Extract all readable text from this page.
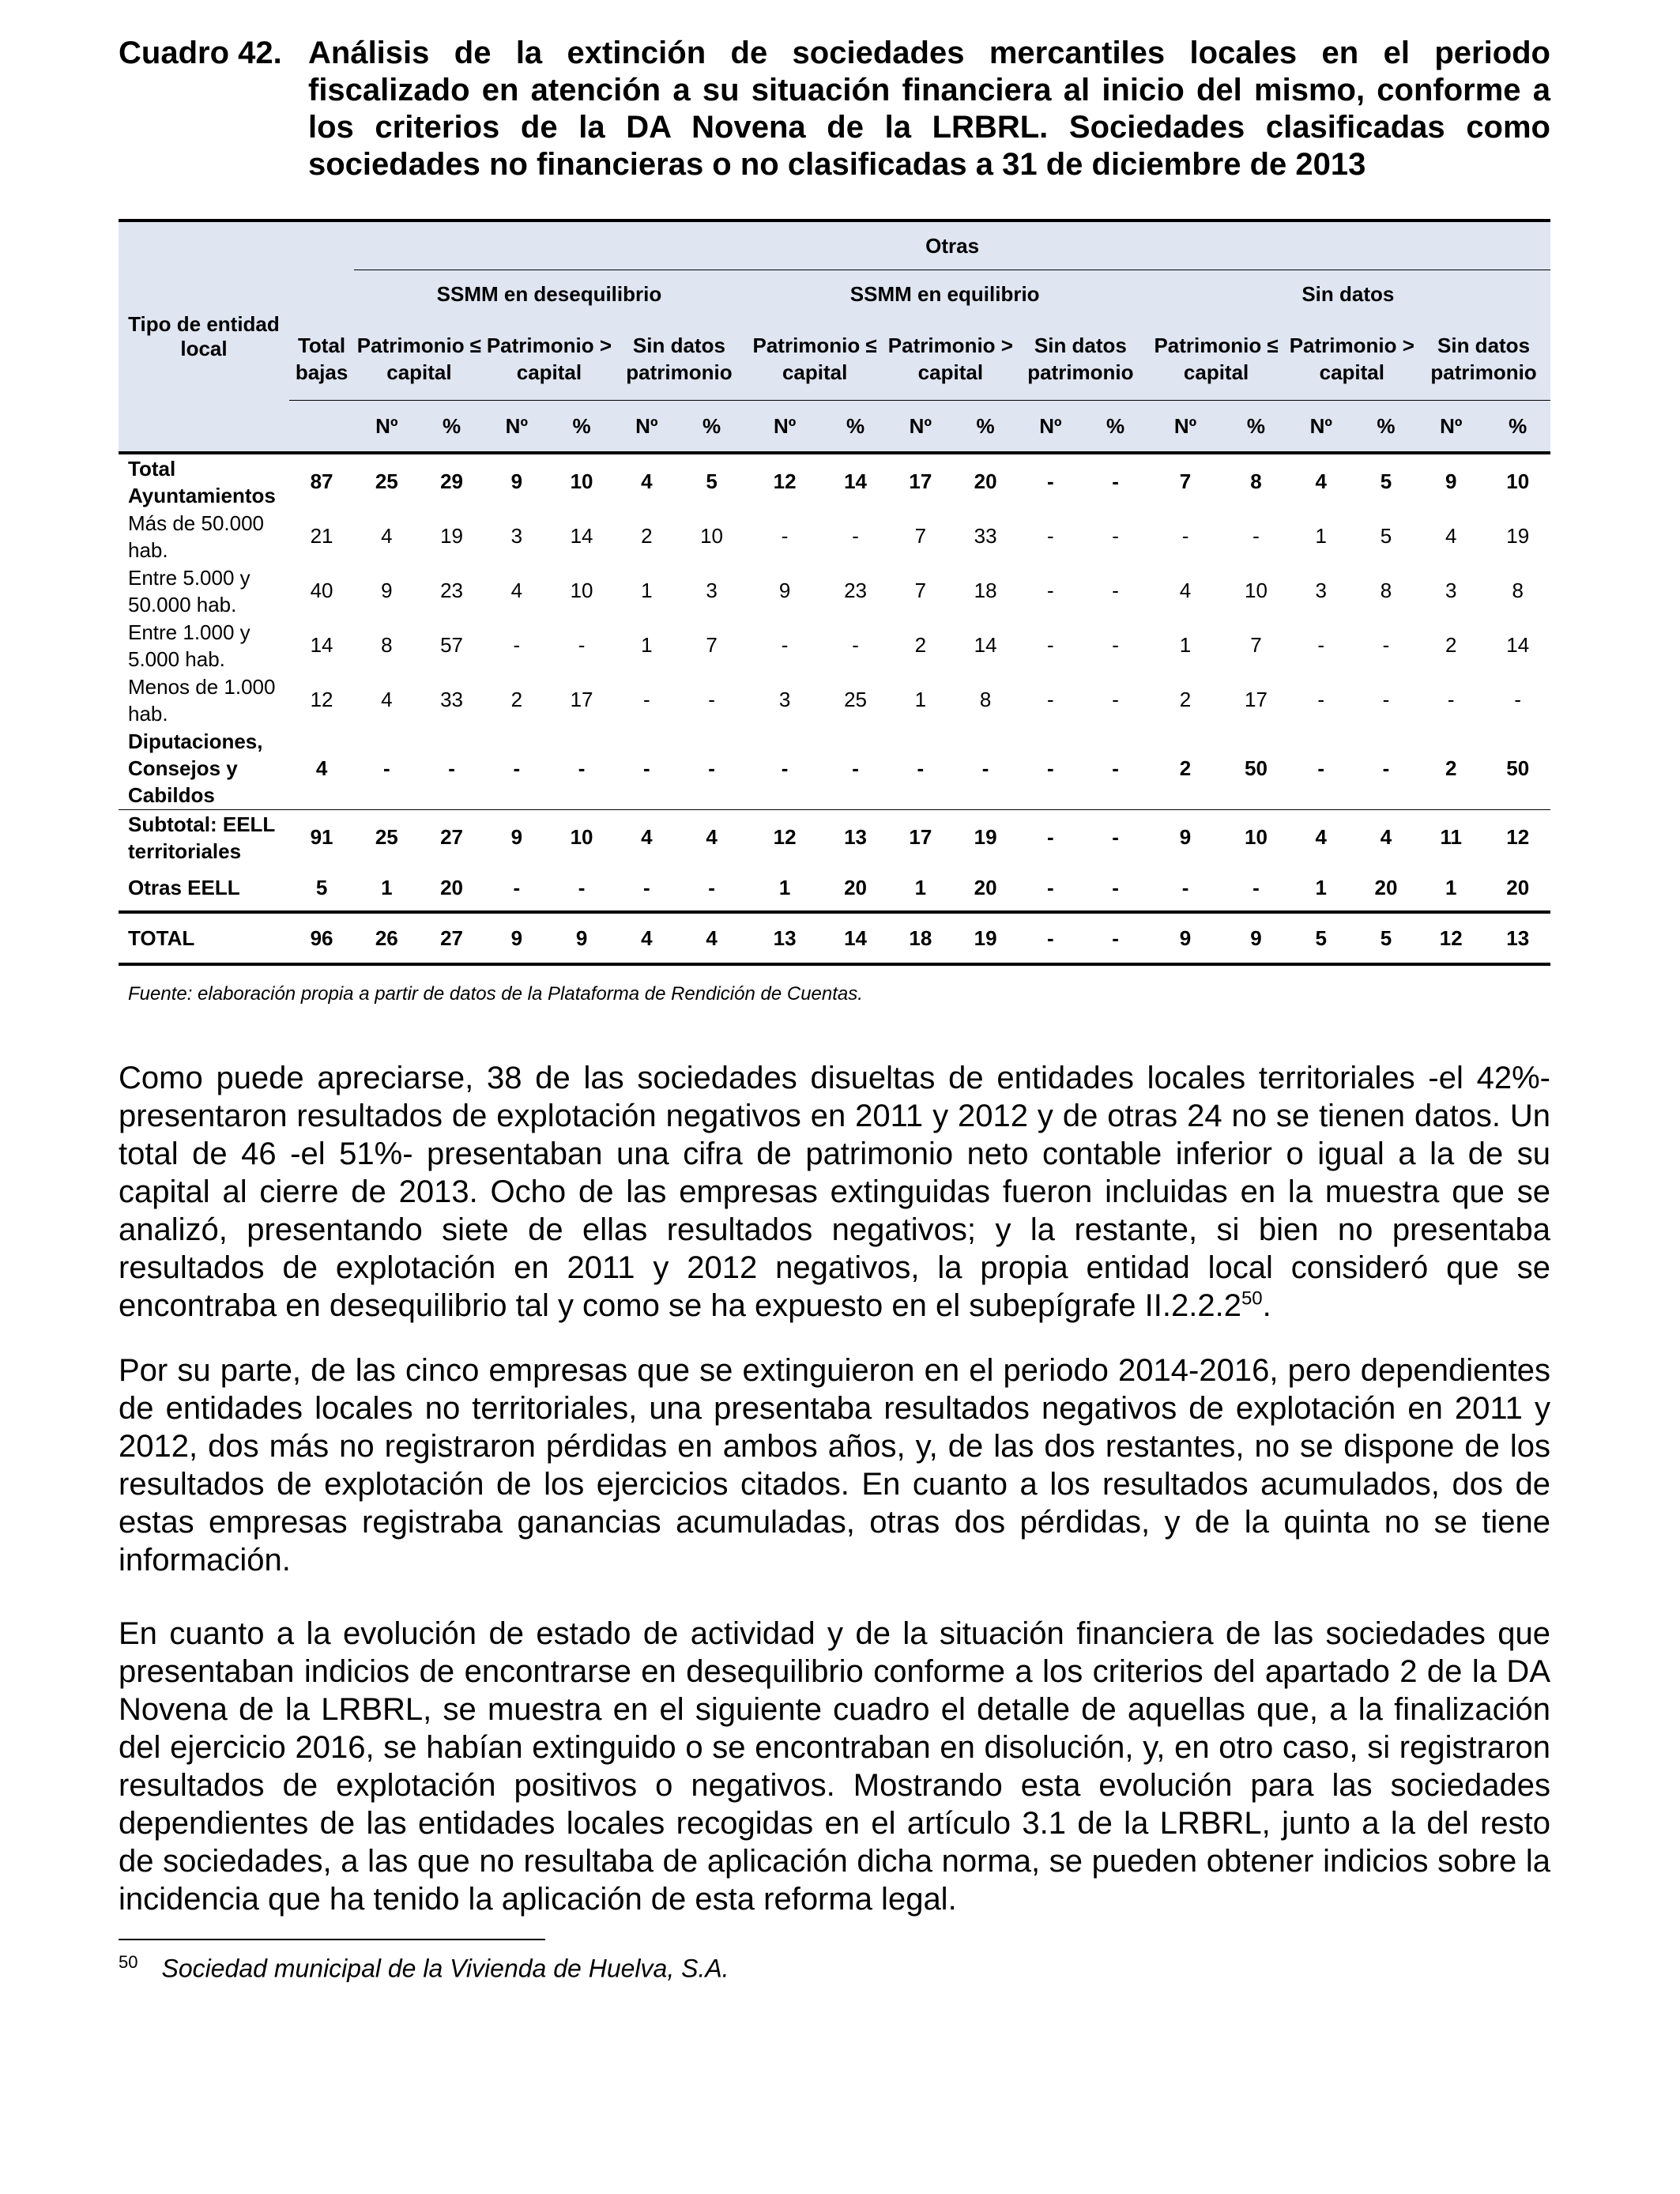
Cuadro 42. Análisis de la extinción de sociedades mercantiles locales en el periodo fiscalizado en atención a su situación financiera al inicio del mismo, conforme a los criterios de la DA Novena de la LRBRL. Sociedades clasificadas como sociedades no financieras o no clasificadas a 31 de diciembre de 2013
Tipo de entidad local		Otras																	
		SSMM en desequilibrio						SSMM en equilibrio						Sin datos					
	Total bajas	Patrimonio ≤ capital		Patrimonio > capital		Sin datos patrimonio		Patrimonio ≤ capital		Patrimonio > capital		Sin datos patrimonio		Patrimonio ≤ capital		Patrimonio > capital		Sin datos patrimonio	
		Nº	%	Nº	%	Nº	%	Nº	%	Nº	%	Nº	%	Nº	%	Nº	%	Nº	%
Total Ayuntamientos	87	25	29	9	10	4	5	12	14	17	20	-	-	7	8	4	5	9	10
Más de 50.000 hab.	21	4	19	3	14	2	10	-	-	7	33	-	-	-	-	1	5	4	19
Entre 5.000 y 50.000 hab.	40	9	23	4	10	1	3	9	23	7	18	-	-	4	10	3	8	3	8
Entre 1.000 y 5.000 hab.	14	8	57	-	-	1	7	-	-	2	14	-	-	1	7	-	-	2	14
Menos de 1.000 hab.	12	4	33	2	17	-	-	3	25	1	8	-	-	2	17	-	-	-	-
Diputaciones, Consejos y Cabildos	4	-	-	-	-	-	-	-	-	-	-	-	-	2	50	-	-	2	50
Subtotal: EELL territoriales	91	25	27	9	10	4	4	12	13	17	19	-	-	9	10	4	4	11	12
Otras EELL	5	1	20	-	-	-	-	1	20	1	20	-	-	-	-	1	20	1	20
TOTAL	96	26	27	9	9	4	4	13	14	18	19	-	-	9	9	5	5	12	13
Fuente: elaboración propia a partir de datos de la Plataforma de Rendición de Cuentas.
Como puede apreciarse, 38 de las sociedades disueltas de entidades locales territoriales -el 42%- presentaron resultados de explotación negativos en 2011 y 2012 y de otras 24 no se tienen datos. Un total de 46 -el 51%- presentaban una cifra de patrimonio neto contable inferior o igual a la de su capital al cierre de 2013. Ocho de las empresas extinguidas fueron incluidas en la muestra que se analizó, presentando siete de ellas resultados negativos; y la restante, si bien no presentaba resultados de explotación en 2011 y 2012 negativos, la propia entidad local consideró que se encontraba en desequilibrio tal y como se ha expuesto en el subepígrafe II.2.2.2$^{50}$.
Por su parte, de las cinco empresas que se extinguieron en el periodo 2014-2016, pero dependientes de entidades locales no territoriales, una presentaba resultados negativos de explotación en 2011 y 2012, dos más no registraron pérdidas en ambos años, y, de las dos restantes, no se dispone de los resultados de explotación de los ejercicios citados. En cuanto a los resultados acumulados, dos de estas empresas registraba ganancias acumuladas, otras dos pérdidas, y de la quinta no se tiene información.
En cuanto a la evolución de estado de actividad y de la situación financiera de las sociedades que presentaban indicios de encontrarse en desequilibrio conforme a los criterios del apartado 2 de la DA Novena de la LRBRL, se muestra en el siguiente cuadro el detalle de aquellas que, a la finalización del ejercicio 2016, se habían extinguido o se encontraban en disolución, y, en otro caso, si registraron resultados de explotación positivos o negativos. Mostrando esta evolución para las sociedades dependientes de las entidades locales recogidas en el artículo 3.1 de la LRBRL, junto a la del resto de sociedades, a las que no resultaba de aplicación dicha norma, se pueden obtener indicios sobre la incidencia que ha tenido la aplicación de esta reforma legal.
$^{50}$ Sociedad municipal de la Vivienda de Huelva, S.A.
